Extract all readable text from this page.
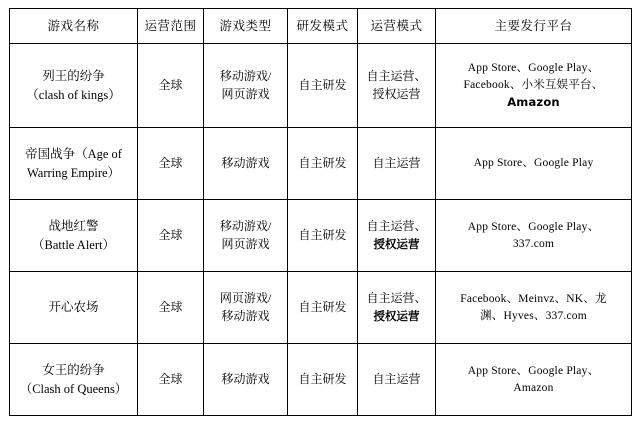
游戏名称	运营范围	游戏类型	研发模式	运营模式	主要发行平台

列王的纷争
（clash of kings）	全球	移动游戏/
网页游戏	自主研发	自主运营、
授权运营	App Store、Google Play、
Facebook、小米互娱平台、
Amazon

帝国战争（Age of
Warring Empire）	全球	移动游戏	自主研发	自主运营	App Store、Google Play

战地红警
（Battle Alert）	全球	移动游戏/
网页游戏	自主研发	自主运营、
授权运营	App Store、Google Play、
337.com

开心农场	全球	网页游戏/
移动游戏	自主研发	自主运营、
授权运营	Facebook、Meinvz、NK、龙
渊、Hyves、337.com

女王的纷争
（Clash of Queens）	全球	移动游戏	自主研发	自主运营	App Store、Google Play、
Amazon
